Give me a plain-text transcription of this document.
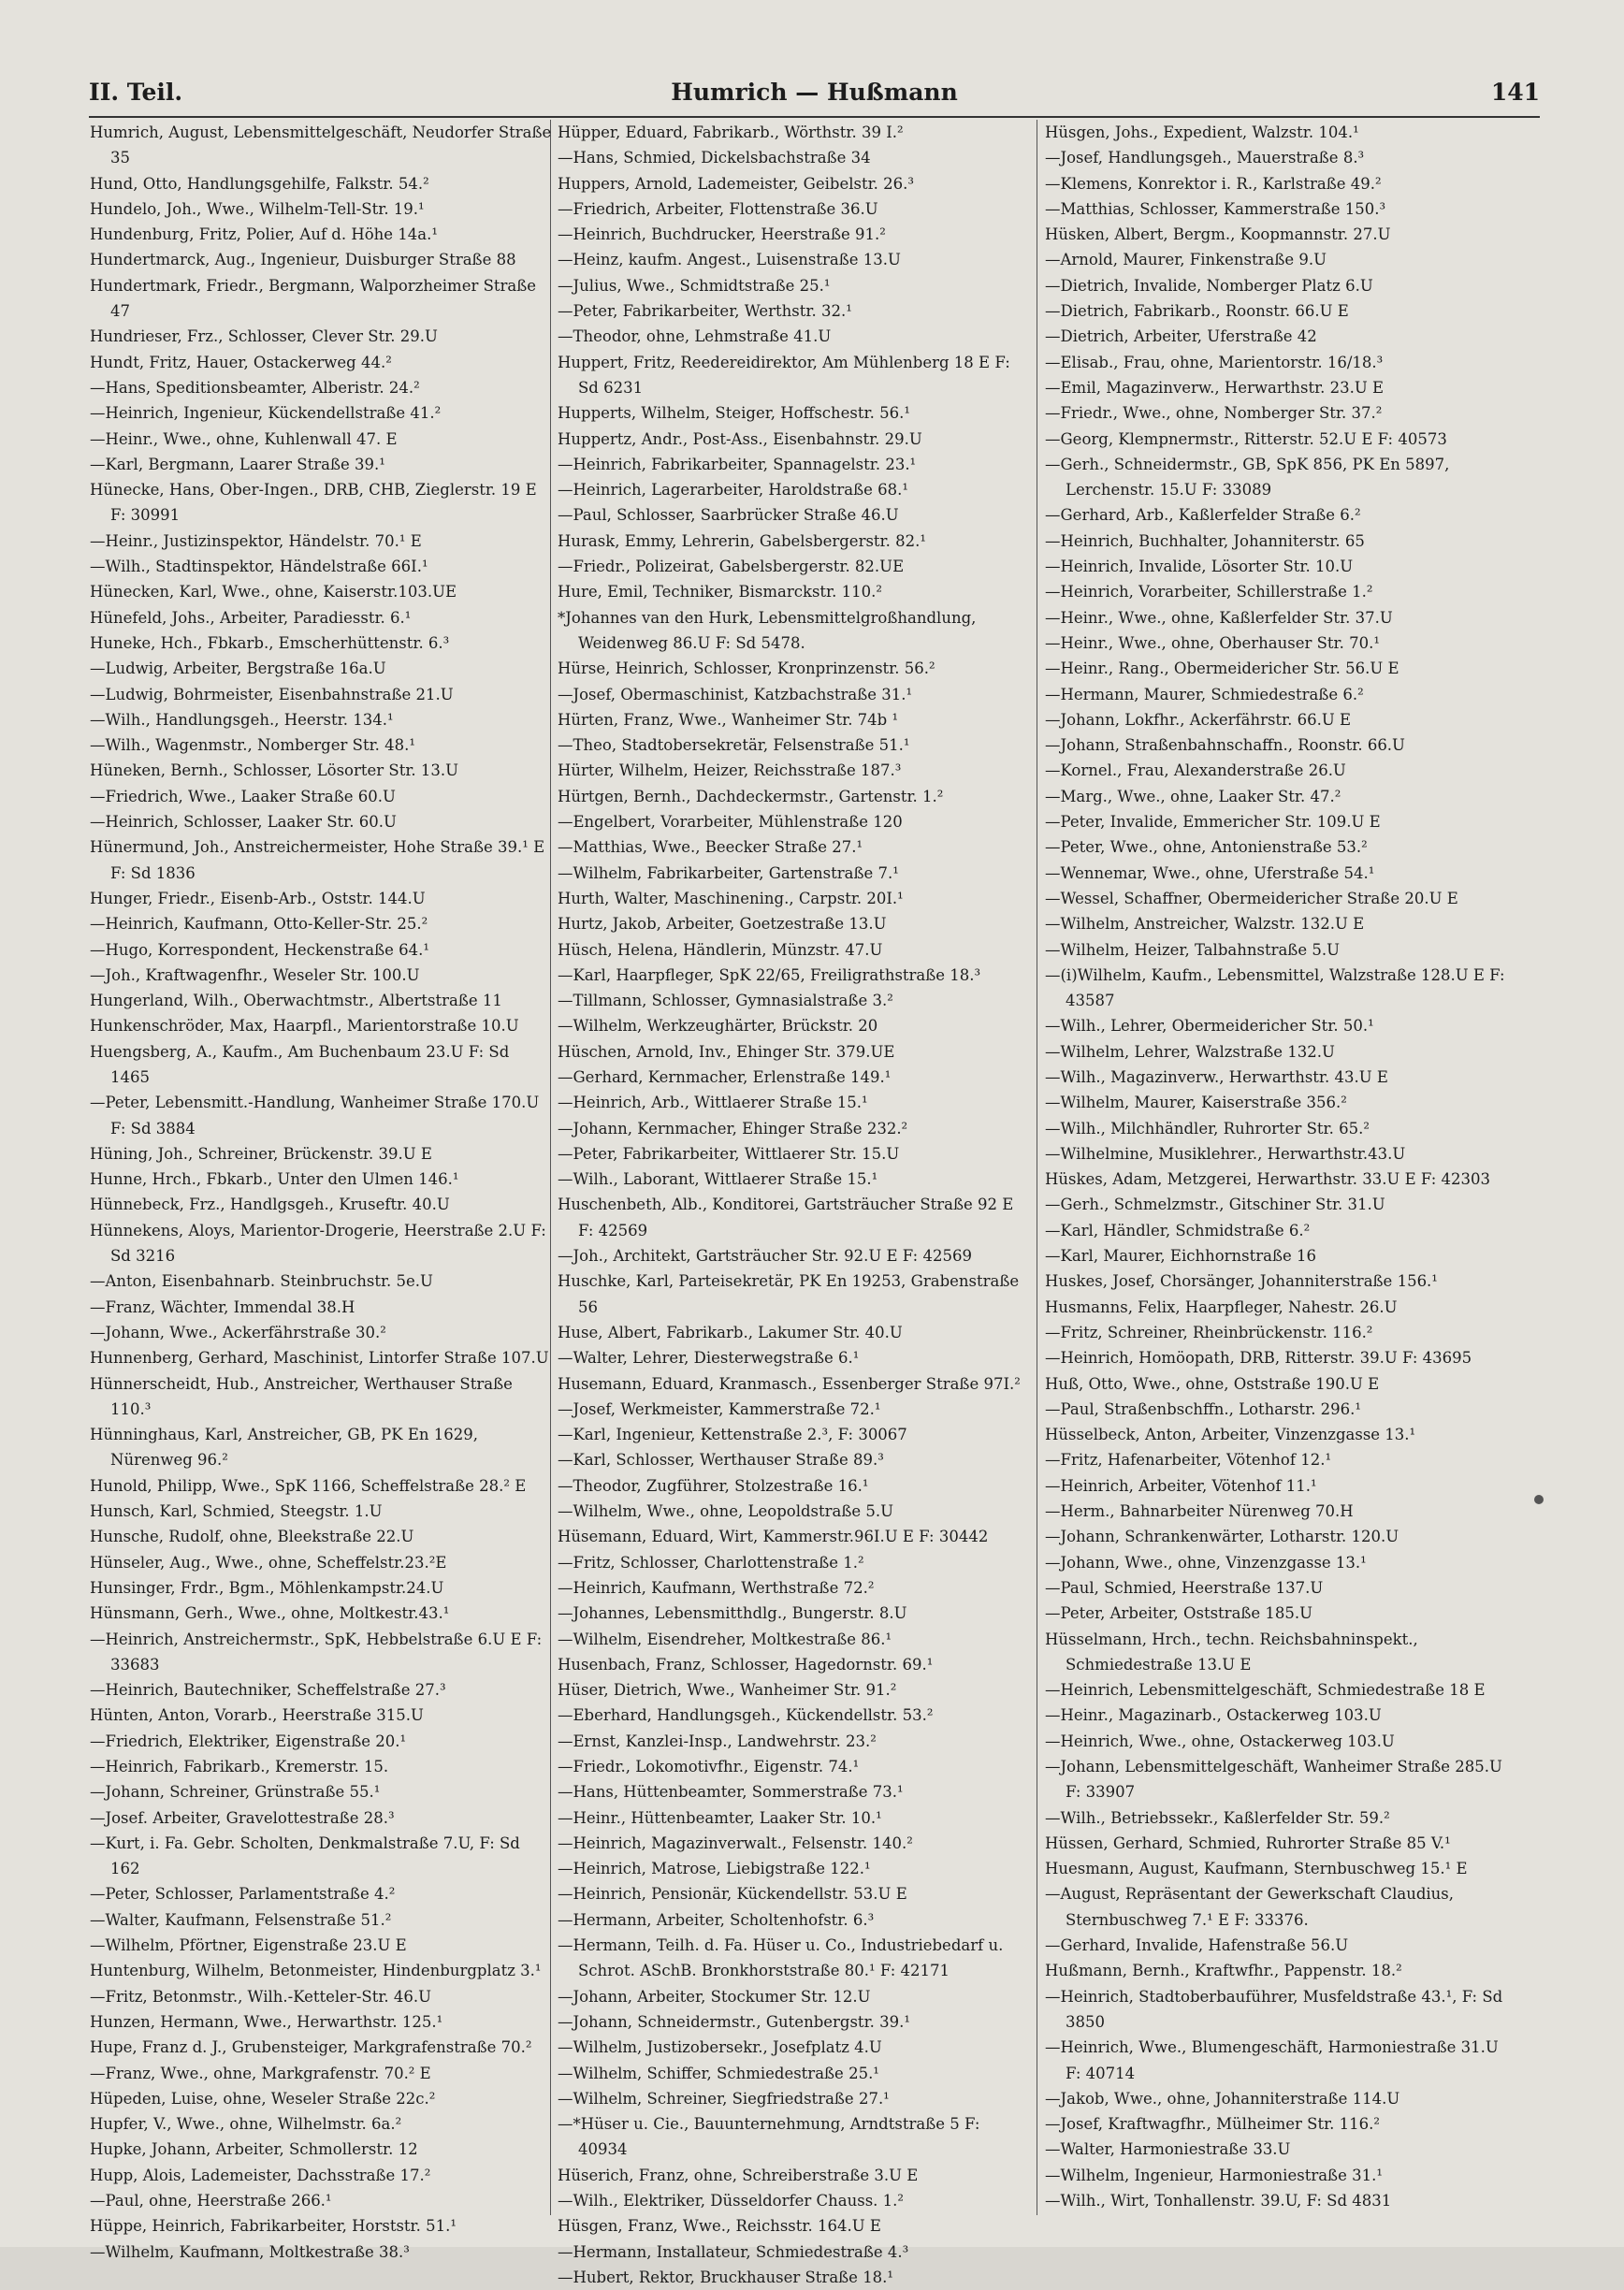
II. Teil.	Humrich — Hußmann	141

Humrich, August, Lebensmittelgeschäft, Neudorfer Straße 35

Hund, Otto, Handlungsgehilfe, Falkstr. 54.²

Hundelo, Joh., Wwe., Wilhelm-Tell-Str. 19.¹

Hundenburg, Fritz, Polier, Auf d. Höhe 14a.¹

Hundertmarck, Aug., Ingenieur, Duisburger Straße 88

Hundertmark, Friedr., Bergmann, Walporzheimer Straße 47

Hundrieser, Frz., Schlosser, Clever Str. 29.U

Hundt, Fritz, Hauer, Ostackerweg 44.²

—Hans, Speditionsbeamter, Alberistr. 24.²

—Heinrich, Ingenieur, Kückendellstraße 41.²

—Heinr., Wwe., ohne, Kuhlenwall 47. E

—Karl, Bergmann, Laarer Straße 39.¹

Hünecke, Hans, Ober-Ingen., DRB, CHB, Zieglerstr. 19 E F: 30991

—Heinr., Justizinspektor, Händelstr. 70.¹ E

—Wilh., Stadtinspektor, Händelstraße 66I.¹

Hünecken, Karl, Wwe., ohne, Kaiserstr.103.UE

Hünefeld, Johs., Arbeiter, Paradiesstr. 6.¹

Huneke, Hch., Fbkarb., Emscherhüttenstr. 6.³

—Ludwig, Arbeiter, Bergstraße 16a.U

—Ludwig, Bohrmeister, Eisenbahnstraße 21.U

—Wilh., Handlungsgeh., Heerstr. 134.¹

—Wilh., Wagenmstr., Nomberger Str. 48.¹

Hüneken, Bernh., Schlosser, Lösorter Str. 13.U

—Friedrich, Wwe., Laaker Straße 60.U

—Heinrich, Schlosser, Laaker Str. 60.U

Hünermund, Joh., Anstreichermeister, Hohe Straße 39.¹ E F: Sd 1836

Hunger, Friedr., Eisenb-Arb., Oststr. 144.U

—Heinrich, Kaufmann, Otto-Keller-Str. 25.²

—Hugo, Korrespondent, Heckenstraße 64.¹

—Joh., Kraftwagenfhr., Weseler Str. 100.U

Hungerland, Wilh., Oberwachtmstr., Albertstraße 11

Hunkenschröder, Max, Haarpfl., Marientorstraße 10.U

Huengsberg, A., Kaufm., Am Buchenbaum 23.U F: Sd 1465

—Peter, Lebensmitt.-Handlung, Wanheimer Straße 170.U F: Sd 3884

Hüning, Joh., Schreiner, Brückenstr. 39.U E

Hunne, Hrch., Fbkarb., Unter den Ulmen 146.¹

Hünnebeck, Frz., Handlgsgeh., Kruseftr. 40.U

Hünnekens, Aloys, Marientor-Drogerie, Heerstraße 2.U F: Sd 3216

—Anton, Eisenbahnarb. Steinbruchstr. 5e.U

—Franz, Wächter, Immendal 38.H

—Johann, Wwe., Ackerfährstraße 30.²

Hunnenberg, Gerhard, Maschinist, Lintorfer Straße 107.U

Hünnerscheidt, Hub., Anstreicher, Werthauser Straße 110.³

Hünninghaus, Karl, Anstreicher, GB, PK En 1629, Nürenweg 96.²

Hunold, Philipp, Wwe., SpK 1166, Scheffelstraße 28.² E

Hunsch, Karl, Schmied, Steegstr. 1.U

Hunsche, Rudolf, ohne, Bleekstraße 22.U

Hünseler, Aug., Wwe., ohne, Scheffelstr.23.²E

Hunsinger, Frdr., Bgm., Möhlenkampstr.24.U

Hünsmann, Gerh., Wwe., ohne, Moltkestr.43.¹

—Heinrich, Anstreichermstr., SpK, Hebbelstraße 6.U E F: 33683

—Heinrich, Bautechniker, Scheffelstraße 27.³

Hünten, Anton, Vorarb., Heerstraße 315.U

—Friedrich, Elektriker, Eigenstraße 20.¹

—Heinrich, Fabrikarb., Kremerstr. 15.

—Johann, Schreiner, Grünstraße 55.¹

—Josef. Arbeiter, Gravelottestraße 28.³

—Kurt, i. Fa. Gebr. Scholten, Denkmalstraße 7.U, F: Sd 162

—Peter, Schlosser, Parlamentstraße 4.²

—Walter, Kaufmann, Felsenstraße 51.²

—Wilhelm, Pförtner, Eigenstraße 23.U E

Huntenburg, Wilhelm, Betonmeister, Hindenburgplatz 3.¹

—Fritz, Betonmstr., Wilh.-Ketteler-Str. 46.U

Hunzen, Hermann, Wwe., Herwarthstr. 125.¹

Hupe, Franz d. J., Grubensteiger, Markgrafenstraße 70.²

—Franz, Wwe., ohne, Markgrafenstr. 70.² E

Hüpeden, Luise, ohne, Weseler Straße 22c.²

Hupfer, V., Wwe., ohne, Wilhelmstr. 6a.²

Hupke, Johann, Arbeiter, Schmollerstr. 12

Hupp, Alois, Lademeister, Dachsstraße 17.²

—Paul, ohne, Heerstraße 266.¹

Hüppe, Heinrich, Fabrikarbeiter, Horststr. 51.¹

—Wilhelm, Kaufmann, Moltkestraße 38.³

Hüpper, Eduard, Fabrikarb., Wörthstr. 39 I.²

—Hans, Schmied, Dickelsbachstraße 34

Huppers, Arnold, Lademeister, Geibelstr. 26.³

—Friedrich, Arbeiter, Flottenstraße 36.U

—Heinrich, Buchdrucker, Heerstraße 91.²

—Heinz, kaufm. Angest., Luisenstraße 13.U

—Julius, Wwe., Schmidtstraße 25.¹

—Peter, Fabrikarbeiter, Werthstr. 32.¹

—Theodor, ohne, Lehmstraße 41.U

Huppert, Fritz, Reedereidirektor, Am Mühlenberg 18 E F: Sd 6231

Hupperts, Wilhelm, Steiger, Hoffschestr. 56.¹

Huppertz, Andr., Post-Ass., Eisenbahnstr. 29.U

—Heinrich, Fabrikarbeiter, Spannagelstr. 23.¹

—Heinrich, Lagerarbeiter, Haroldstraße 68.¹

—Paul, Schlosser, Saarbrücker Straße 46.U

Hurask, Emmy, Lehrerin, Gabelsbergerstr. 82.¹

—Friedr., Polizeirat, Gabelsbergerstr. 82.UE

Hure, Emil, Techniker, Bismarckstr. 110.²

*Johannes van den Hurk, Lebensmittelgroßhandlung, Weidenweg 86.U F: Sd 5478.

Hürse, Heinrich, Schlosser, Kronprinzenstr. 56.²

—Josef, Obermaschinist, Katzbachstraße 31.¹

Hürten, Franz, Wwe., Wanheimer Str. 74b ¹

—Theo, Stadtobersekretär, Felsenstraße 51.¹

Hürter, Wilhelm, Heizer, Reichsstraße 187.³

Hürtgen, Bernh., Dachdeckermstr., Gartenstr. 1.²

—Engelbert, Vorarbeiter, Mühlenstraße 120

—Matthias, Wwe., Beecker Straße 27.¹

—Wilhelm, Fabrikarbeiter, Gartenstraße 7.¹

Hurth, Walter, Maschinening., Carpstr. 20I.¹

Hurtz, Jakob, Arbeiter, Goetzestraße 13.U

Hüsch, Helena, Händlerin, Münzstr. 47.U

—Karl, Haarpfleger, SpK 22/65, Freiligrathstraße 18.³

—Tillmann, Schlosser, Gymnasialstraße 3.²

—Wilhelm, Werkzeughärter, Brückstr. 20

Hüschen, Arnold, Inv., Ehinger Str. 379.UE

—Gerhard, Kernmacher, Erlenstraße 149.¹

—Heinrich, Arb., Wittlaerer Straße 15.¹

—Johann, Kernmacher, Ehinger Straße 232.²

—Peter, Fabrikarbeiter, Wittlaerer Str. 15.U

—Wilh., Laborant, Wittlaerer Straße 15.¹

Huschenbeth, Alb., Konditorei, Gartsträucher Straße 92 E F: 42569

—Joh., Architekt, Gartsträucher Str. 92.U E F: 42569

Huschke, Karl, Parteisekretär, PK En 19253, Grabenstraße 56

Huse, Albert, Fabrikarb., Lakumer Str. 40.U

—Walter, Lehrer, Diesterwegstraße 6.¹

Husemann, Eduard, Kranmasch., Essenberger Straße 97I.²

—Josef, Werkmeister, Kammerstraße 72.¹

—Karl, Ingenieur, Kettenstraße 2.³, F: 30067

—Karl, Schlosser, Werthauser Straße 89.³

—Theodor, Zugführer, Stolzestraße 16.¹

—Wilhelm, Wwe., ohne, Leopoldstraße 5.U

Hüsemann, Eduard, Wirt, Kammerstr.96I.U E F: 30442

—Fritz, Schlosser, Charlottenstraße 1.²

—Heinrich, Kaufmann, Werthstraße 72.²

—Johannes, Lebensmitthdlg., Bungerstr. 8.U

—Wilhelm, Eisendreher, Moltkestraße 86.¹

Husenbach, Franz, Schlosser, Hagedornstr. 69.¹

Hüser, Dietrich, Wwe., Wanheimer Str. 91.²

—Eberhard, Handlungsgeh., Kückendellstr. 53.²

—Ernst, Kanzlei-Insp., Landwehrstr. 23.²

—Friedr., Lokomotivfhr., Eigenstr. 74.¹

—Hans, Hüttenbeamter, Sommerstraße 73.¹

—Heinr., Hüttenbeamter, Laaker Str. 10.¹

—Heinrich, Magazinverwalt., Felsenstr. 140.²

—Heinrich, Matrose, Liebigstraße 122.¹

—Heinrich, Pensionär, Kückendellstr. 53.U E

—Hermann, Arbeiter, Scholtenhofstr. 6.³

—Hermann, Teilh. d. Fa. Hüser u. Co., Industriebedarf u. Schrot. ASchB. Bronkhorststraße 80.¹ F: 42171

—Johann, Arbeiter, Stockumer Str. 12.U

—Johann, Schneidermstr., Gutenbergstr. 39.¹

—Wilhelm, Justizobersekr., Josefplatz 4.U

—Wilhelm, Schiffer, Schmiedestraße 25.¹

—Wilhelm, Schreiner, Siegfriedstraße 27.¹

—*Hüser u. Cie., Bauunternehmung, Arndtstraße 5 F: 40934

Hüserich, Franz, ohne, Schreiberstraße 3.U E

—Wilh., Elektriker, Düsseldorfer Chauss. 1.²

Hüsgen, Franz, Wwe., Reichsstr. 164.U E

—Hermann, Installateur, Schmiedestraße 4.³

—Hubert, Rektor, Bruckhauser Straße 18.¹

Hüsgen, Johs., Expedient, Walzstr. 104.¹

—Josef, Handlungsgeh., Mauerstraße 8.³

—Klemens, Konrektor i. R., Karlstraße 49.²

—Matthias, Schlosser, Kammerstraße 150.³

Hüsken, Albert, Bergm., Koopmannstr. 27.U

—Arnold, Maurer, Finkenstraße 9.U

—Dietrich, Invalide, Nomberger Platz 6.U

—Dietrich, Fabrikarb., Roonstr. 66.U E

—Dietrich, Arbeiter, Uferstraße 42

—Elisab., Frau, ohne, Marientorstr. 16/18.³

—Emil, Magazinverw., Herwarthstr. 23.U E

—Friedr., Wwe., ohne, Nomberger Str. 37.²

—Georg, Klempnermstr., Ritterstr. 52.U E F: 40573

—Gerh., Schneidermstr., GB, SpK 856, PK En 5897, Lerchenstr. 15.U F: 33089

—Gerhard, Arb., Kaßlerfelder Straße 6.²

—Heinrich, Buchhalter, Johanniterstr. 65

—Heinrich, Invalide, Lösorter Str. 10.U

—Heinrich, Vorarbeiter, Schillerstraße 1.²

—Heinr., Wwe., ohne, Kaßlerfelder Str. 37.U

—Heinr., Wwe., ohne, Oberhauser Str. 70.¹

—Heinr., Rang., Obermeidericher Str. 56.U E

—Hermann, Maurer, Schmiedestraße 6.²

—Johann, Lokfhr., Ackerfährstr. 66.U E

—Johann, Straßenbahnschaffn., Roonstr. 66.U

—Kornel., Frau, Alexanderstraße 26.U

—Marg., Wwe., ohne, Laaker Str. 47.²

—Peter, Invalide, Emmericher Str. 109.U E

—Peter, Wwe., ohne, Antonienstraße 53.²

—Wennemar, Wwe., ohne, Uferstraße 54.¹

—Wessel, Schaffner, Obermeidericher Straße 20.U E

—Wilhelm, Anstreicher, Walzstr. 132.U E

—Wilhelm, Heizer, Talbahnstraße 5.U

—(i)Wilhelm, Kaufm., Lebensmittel, Walzstraße 128.U E F: 43587

—Wilh., Lehrer, Obermeidericher Str. 50.¹

—Wilhelm, Lehrer, Walzstraße 132.U

—Wilh., Magazinverw., Herwarthstr. 43.U E

—Wilhelm, Maurer, Kaiserstraße 356.²

—Wilh., Milchhändler, Ruhrorter Str. 65.²

—Wilhelmine, Musiklehrer., Herwarthstr.43.U

Hüskes, Adam, Metzgerei, Herwarthstr. 33.U E F: 42303

—Gerh., Schmelzmstr., Gitschiner Str. 31.U

—Karl, Händler, Schmidstraße 6.²

—Karl, Maurer, Eichhornstraße 16

Huskes, Josef, Chorsänger, Johanniterstraße 156.¹

Husmanns, Felix, Haarpfleger, Nahestr. 26.U

—Fritz, Schreiner, Rheinbrückenstr. 116.²

—Heinrich, Homöopath, DRB, Ritterstr. 39.U F: 43695

Huß, Otto, Wwe., ohne, Oststraße 190.U E

—Paul, Straßenbschffn., Lotharstr. 296.¹

Hüsselbeck, Anton, Arbeiter, Vinzenzgasse 13.¹

—Fritz, Hafenarbeiter, Vötenhof 12.¹

—Heinrich, Arbeiter, Vötenhof 11.¹

—Herm., Bahnarbeiter Nürenweg 70.H

—Johann, Schrankenwärter, Lotharstr. 120.U

—Johann, Wwe., ohne, Vinzenzgasse 13.¹

—Paul, Schmied, Heerstraße 137.U

—Peter, Arbeiter, Oststraße 185.U

Hüsselmann, Hrch., techn. Reichsbahninspekt., Schmiedestraße 13.U E

—Heinrich, Lebensmittelgeschäft, Schmiedestraße 18 E

—Heinr., Magazinarb., Ostackerweg 103.U

—Heinrich, Wwe., ohne, Ostackerweg 103.U

—Johann, Lebensmittelgeschäft, Wanheimer Straße 285.U F: 33907

—Wilh., Betriebssekr., Kaßlerfelder Str. 59.²

Hüssen, Gerhard, Schmied, Ruhrorter Straße 85 V.¹

Huesmann, August, Kaufmann, Sternbuschweg 15.¹ E

—August, Repräsentant der Gewerkschaft Claudius, Sternbuschweg 7.¹ E F: 33376.

—Gerhard, Invalide, Hafenstraße 56.U

Hußmann, Bernh., Kraftwfhr., Pappenstr. 18.²

—Heinrich, Stadtoberbauführer, Musfeldstraße 43.¹, F: Sd 3850

—Heinrich, Wwe., Blumengeschäft, Harmoniestraße 31.U F: 40714

—Jakob, Wwe., ohne, Johanniterstraße 114.U

—Josef, Kraftwagfhr., Mülheimer Str. 116.²

—Walter, Harmoniestraße 33.U

—Wilhelm, Ingenieur, Harmoniestraße 31.¹

—Wilh., Wirt, Tonhallenstr. 39.U, F: Sd 4831
